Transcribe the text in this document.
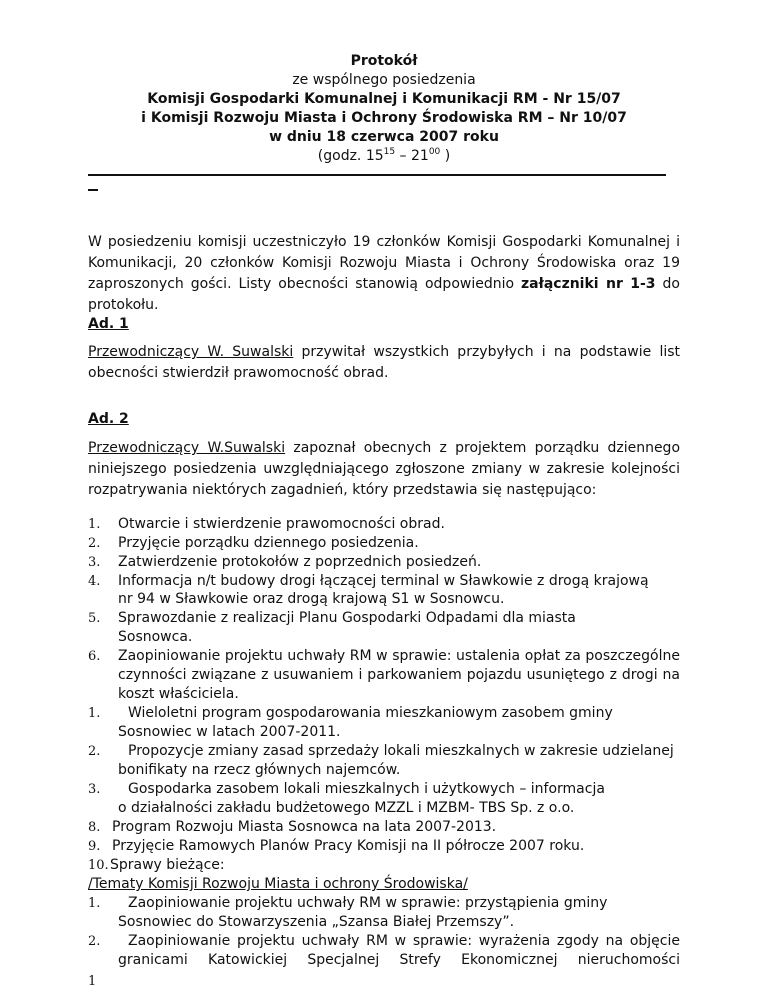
Protokół
ze wspólnego posiedzenia
Komisji Gospodarki Komunalnej i Komunikacji RM - Nr 15/07
i Komisji Rozwoju Miasta i Ochrony Środowiska RM – Nr 10/07
w dniu 18 czerwca 2007 roku
(godz. $15^{15} - 21^{00}$ )
W posiedzeniu komisji uczestniczyło 19 członków Komisji Gospodarki Komunalnej i Komunikacji, 20 członków Komisji Rozwoju Miasta i Ochrony Środowiska oraz 19 zaproszonych gości. Listy obecności stanowią odpowiednio załączniki nr 1-3 do protokołu.
Ad. 1
Przewodniczący W. Suwalski przywitał wszystkich przybyłych i na podstawie list obecności stwierdził prawomocność obrad.
Ad. 2
Przewodniczący W.Suwalski zapoznał obecnych z projektem porządku dziennego niniejszego posiedzenia uwzględniającego zgłoszone zmiany w zakresie kolejności rozpatrywania niektórych zagadnień, który przedstawia się następująco:
1. Otwarcie i stwierdzenie prawomocności obrad.
2. Przyjęcie porządku dziennego posiedzenia.
3. Zatwierdzenie protokołów z poprzednich posiedzeń.
4. Informacja n/t budowy drogi łączącej terminal w Sławkowie z drogą krajową
nr 94 w Sławkowie oraz drogą krajową S1 w Sosnowcu.
5. Sprawozdanie z realizacji Planu Gospodarki Odpadami dla miasta
Sosnowca.
6. Zaopiniowanie projektu uchwały RM w sprawie: ustalenia opłat za poszczególne
czynności związane z usuwaniem i parkowaniem pojazdu usuniętego z drogi na
koszt właściciela.
1. Wieloletni program gospodarowania mieszkaniowym zasobem gminy
Sosnowiec w latach 2007-2011.
2. Propozycje zmiany zasad sprzedaży lokali mieszkalnych w zakresie udzielanej
bonifikaty na rzecz głównych najemców.
3. Gospodarka zasobem lokali mieszkalnych i użytkowych – informacja
o działalności zakładu budżetowego MZZL i MZBM- TBS Sp. z o.o.
8. Program Rozwoju Miasta Sosnowca na lata 2007-2013.
9. Przyjęcie Ramowych Planów Pracy Komisji na II półrocze 2007 roku.
10. Sprawy bieżące:
/Tematy Komisji Rozwoju Miasta i ochrony Środowiska/
1. Zaopiniowanie projektu uchwały RM w sprawie: przystąpienia gminy
Sosnowiec do Stowarzyszenia „Szansa Białej Przemszy”.
2. Zaopiniowanie projektu uchwały RM w sprawie: wyrażenia zgody na objęcie
granicami Katowickiej Specjalnej Strefy Ekonomicznej nieruchomości
1
